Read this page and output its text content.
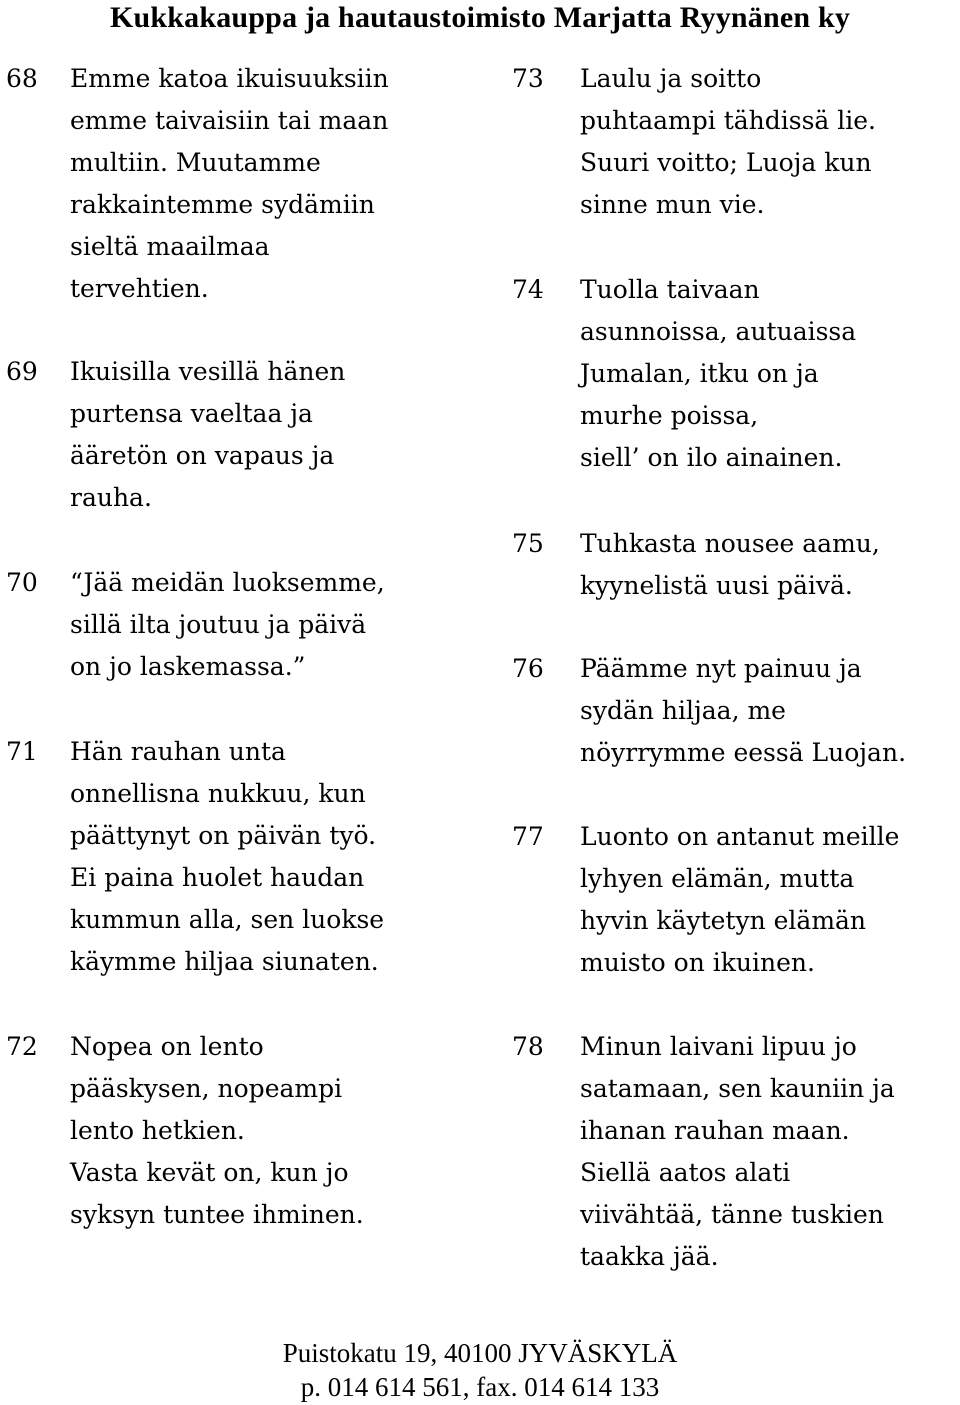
Kukkakauppa ja hautaustoimisto Marjatta Ryynänen ky
68	Emme katoa ikuisuuksiin
emme taivaisiin tai maan
multiin. Muutamme
rakkaintemme sydämiin
sieltä maailmaa
tervehtien.
69	Ikuisilla vesillä hänen
purtensa vaeltaa ja
ääretön on vapaus ja
rauha.
70	“Jää meidän luoksemme,
sillä ilta joutuu ja päivä
on jo laskemassa.”
71	Hän rauhan unta
onnellisna nukkuu, kun
päättynyt on päivän työ.
Ei paina huolet haudan
kummun alla, sen luokse
käymme hiljaa siunaten.
72	Nopea on lento
pääskysen, nopeampi
lento hetkien.
Vasta kevät on, kun jo
syksyn tuntee ihminen.
73	Laulu ja soitto
puhtaampi tähdissä lie.
Suuri voitto; Luoja kun
sinne mun vie.
74	Tuolla taivaan
asunnoissa, autuaissa
Jumalan, itku on ja
murhe poissa,
siell’ on ilo ainainen.
75	Tuhkasta nousee aamu,
kyynelistä uusi päivä.
76	Päämme nyt painuu ja
sydän hiljaa, me
nöyrrymme eessä Luojan.
77	Luonto on antanut meille
lyhyen elämän, mutta
hyvin käytetyn elämän
muisto on ikuinen.
78	Minun laivani lipuu jo
satamaan, sen kauniin ja
ihanan rauhan maan.
Siellä aatos alati
viivähtää, tänne tuskien
taakka jää.
Puistokatu 19, 40100 JYVÄSKYLÄ
p. 014 614 561, fax. 014 614 133
